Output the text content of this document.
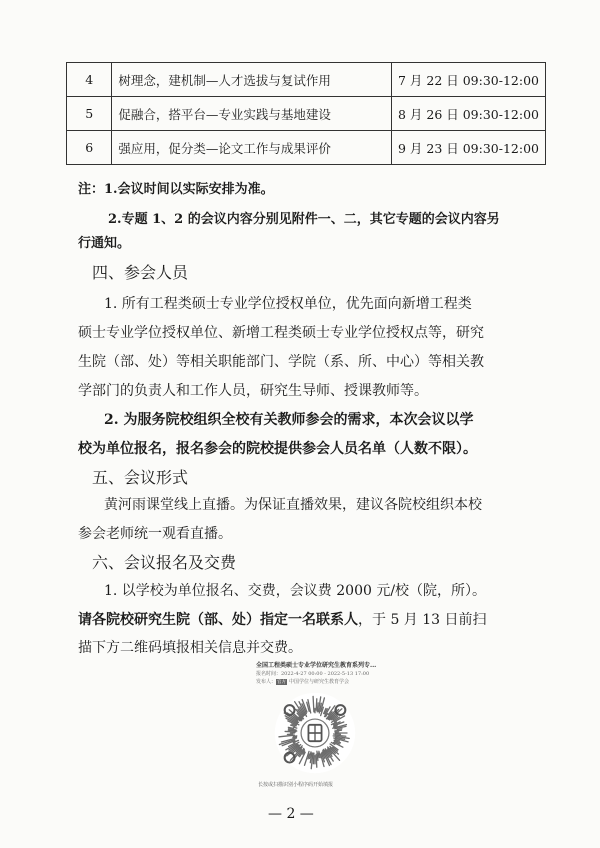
4	树理念，建机制—人才选拔与复试作用	7 月 22 日 09:30-12:00
5	促融合，搭平台—专业实践与基地建设	8 月 26 日 09:30-12:00
6	强应用，促分类—论文工作与成果评价	9 月 23 日 09:30-12:00
注：1.会议时间以实际安排为准。
2.专题 1、2 的会议内容分别见附件一、二，其它专题的会议内容另
行通知。
四、参会人员
1. 所有工程类硕士专业学位授权单位，优先面向新增工程类
硕士专业学位授权单位、新增工程类硕士专业学位授权点等，研究
生院（部、处）等相关职能部门、学院（系、所、中心）等相关教
学部门的负责人和工作人员，研究生导师、授课教师等。
2. 为服务院校组织全校有关教师参会的需求，本次会议以学
校为单位报名，报名参会的院校提供参会人员名单（人数不限）。
五、会议形式
黄河雨课堂线上直播。为保证直播效果，建议各院校组织本校
参会老师统一观看直播。
六、会议报名及交费
1. 以学校为单位报名、交费，会议费 2000 元/校（院，所）。
请各院校研究生院（部、处）指定一名联系人，于 5 月 13 日前扫
描下方二维码填报相关信息并交费。
全国工程类硕士专业学位研究生教育系列专...
报名时间：2022-4-27 00:00 - 2022-5-13 17:00
发布人：官方 中国学位与研究生教育学会
长按或扫描识别小程序码开始填报
— 2 —
